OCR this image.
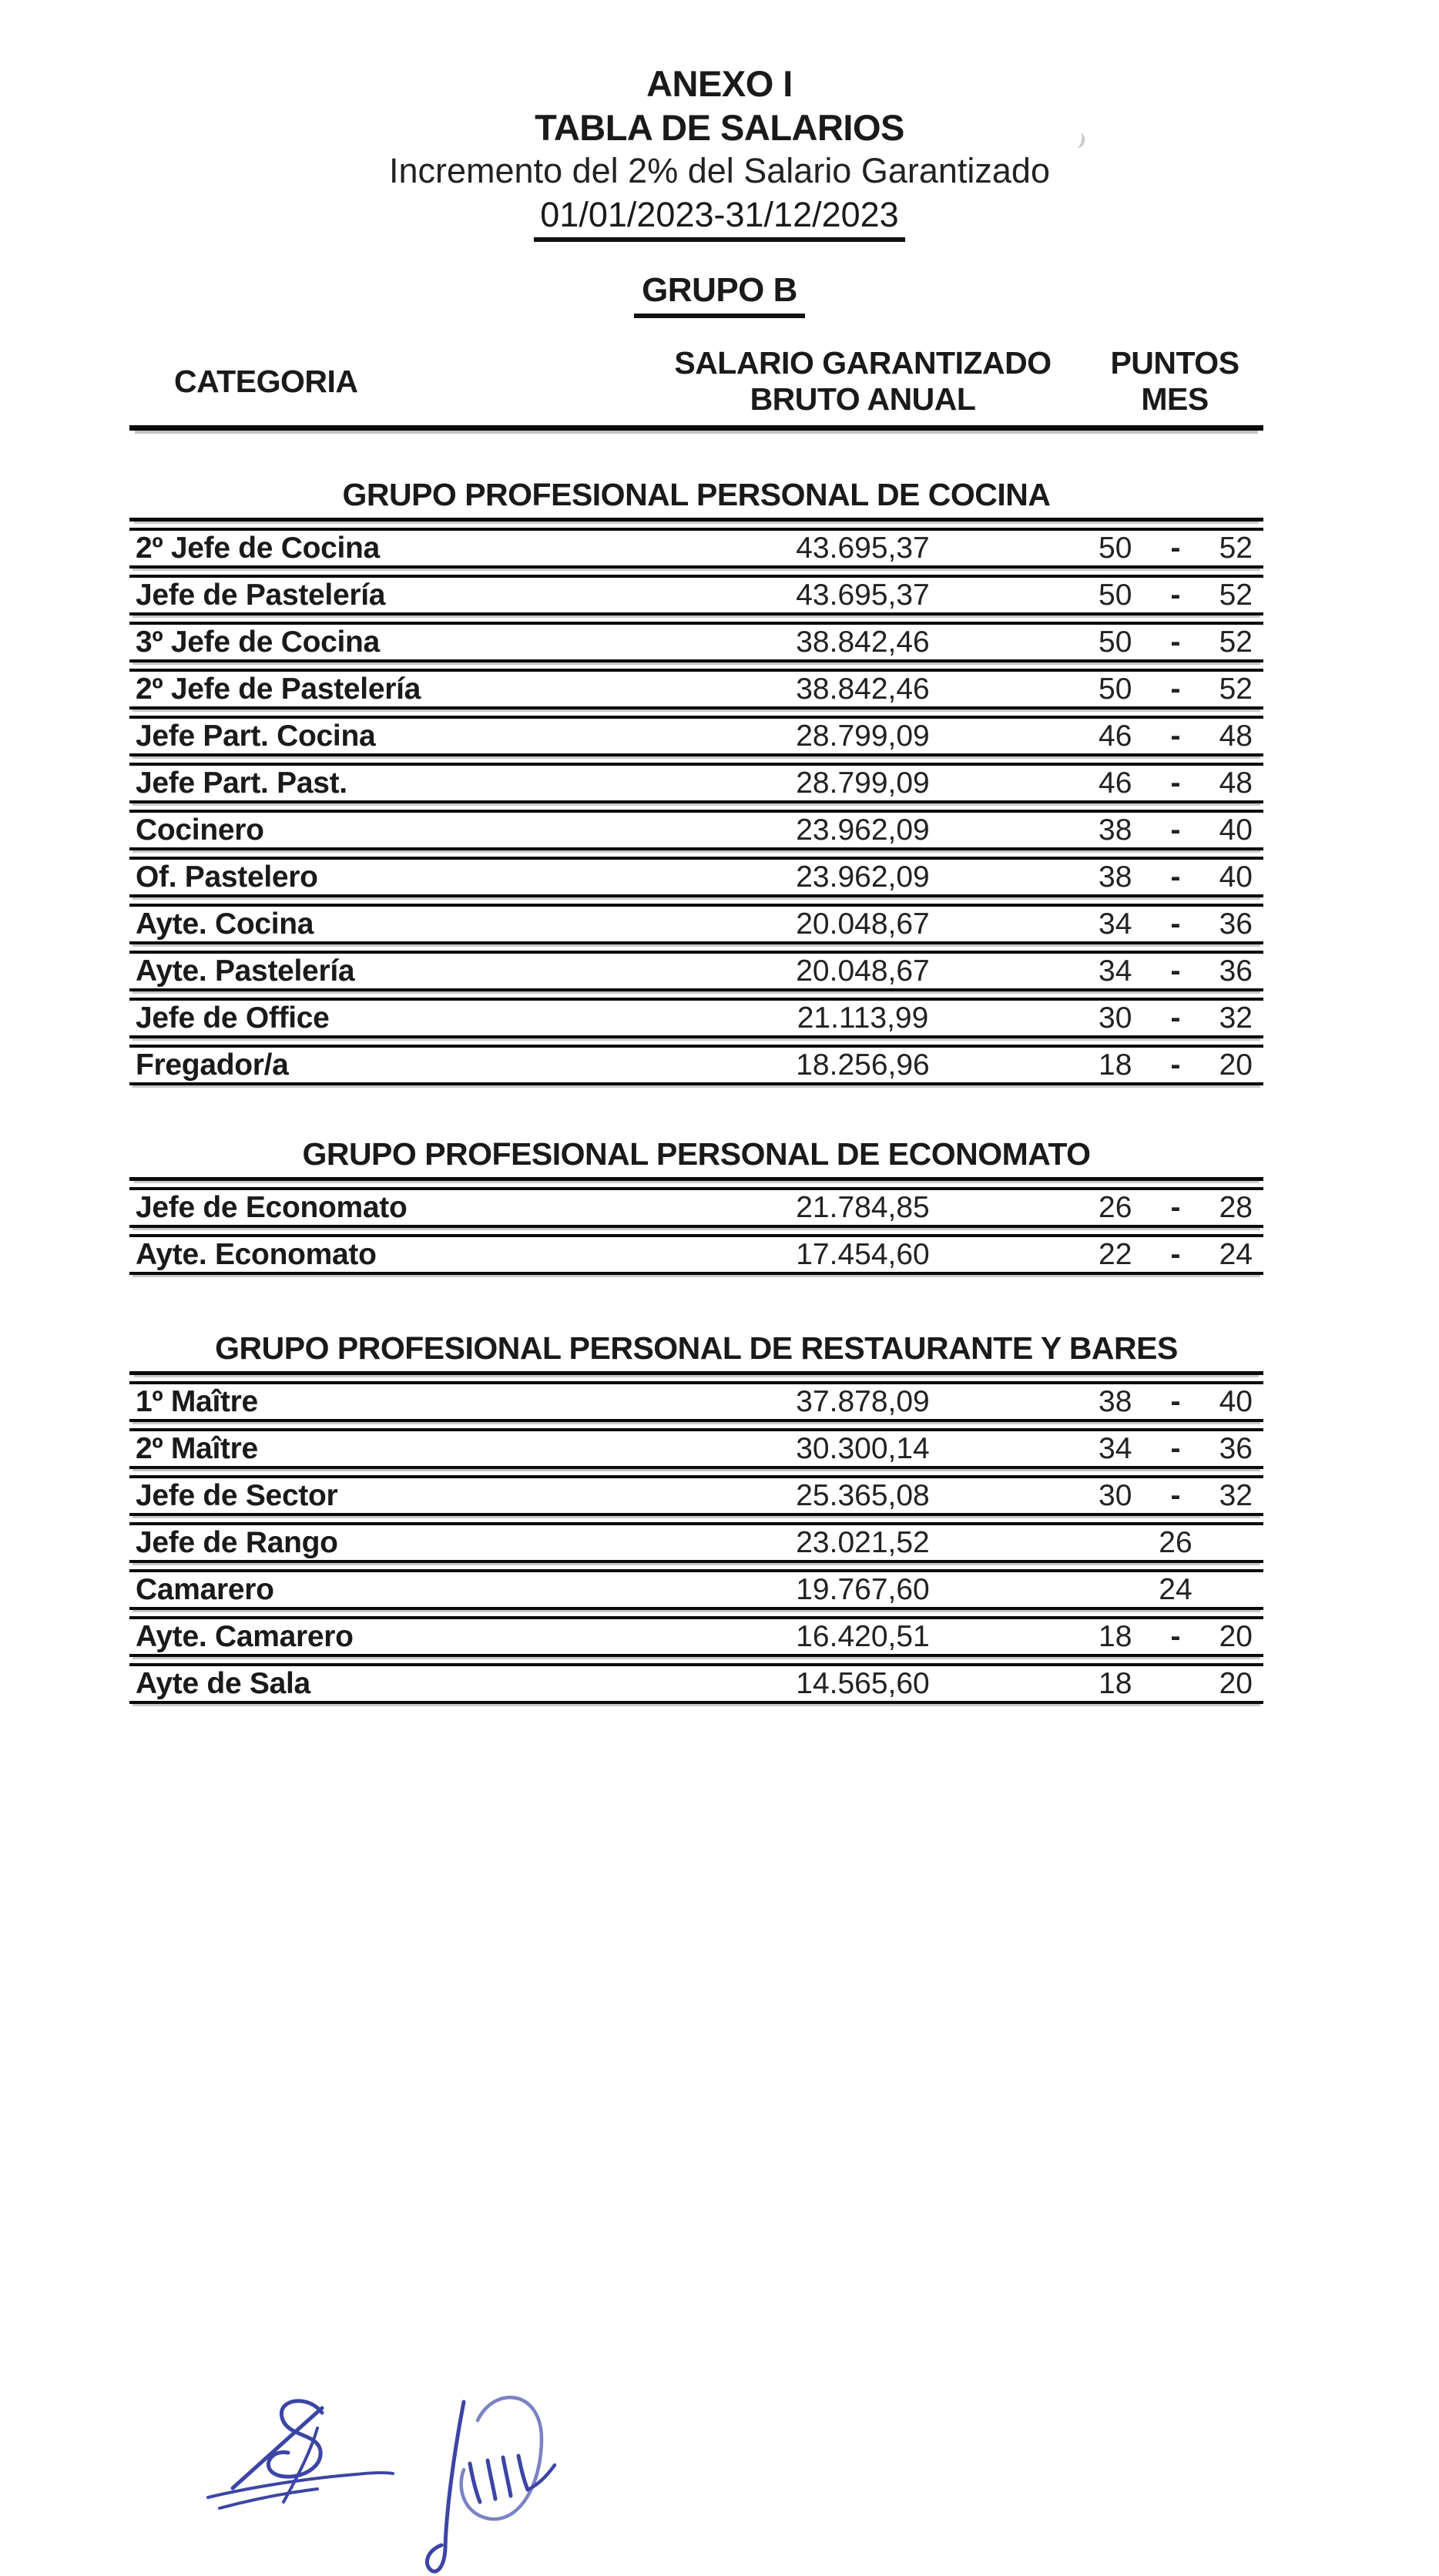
ANEXO I
TABLA DE SALARIOS
Incremento del 2% del Salario Garantizado
01/01/2023-31/12/2023
GRUPO B
CATEGORIA
SALARIO GARANTIZADO
BRUTO ANUAL
PUNTOS
MES
GRUPO PROFESIONAL PERSONAL DE COCINA
2º Jefe de Cocina	43.695,37	50 - 52
Jefe de Pastelería	43.695,37	50 - 52
3º Jefe de Cocina	38.842,46	50 - 52
2º Jefe de Pastelería	38.842,46	50 - 52
Jefe Part. Cocina	28.799,09	46 - 48
Jefe Part. Past.	28.799,09	46 - 48
Cocinero	23.962,09	38 - 40
Of. Pastelero	23.962,09	38 - 40
Ayte. Cocina	20.048,67	34 - 36
Ayte. Pastelería	20.048,67	34 - 36
Jefe de Office	21.113,99	30 - 32
Fregador/a	18.256,96	18 - 20
GRUPO PROFESIONAL PERSONAL DE ECONOMATO
Jefe de Economato	21.784,85	26 - 28
Ayte. Economato	17.454,60	22 - 24
GRUPO PROFESIONAL PERSONAL DE RESTAURANTE Y BARES
1º Maître	37.878,09	38 - 40
2º Maître	30.300,14	34 - 36
Jefe de Sector	25.365,08	30 - 32
Jefe de Rango	23.021,52	26
Camarero	19.767,60	24
Ayte. Camarero	16.420,51	18 - 20
Ayte de Sala	14.565,60	18	20
